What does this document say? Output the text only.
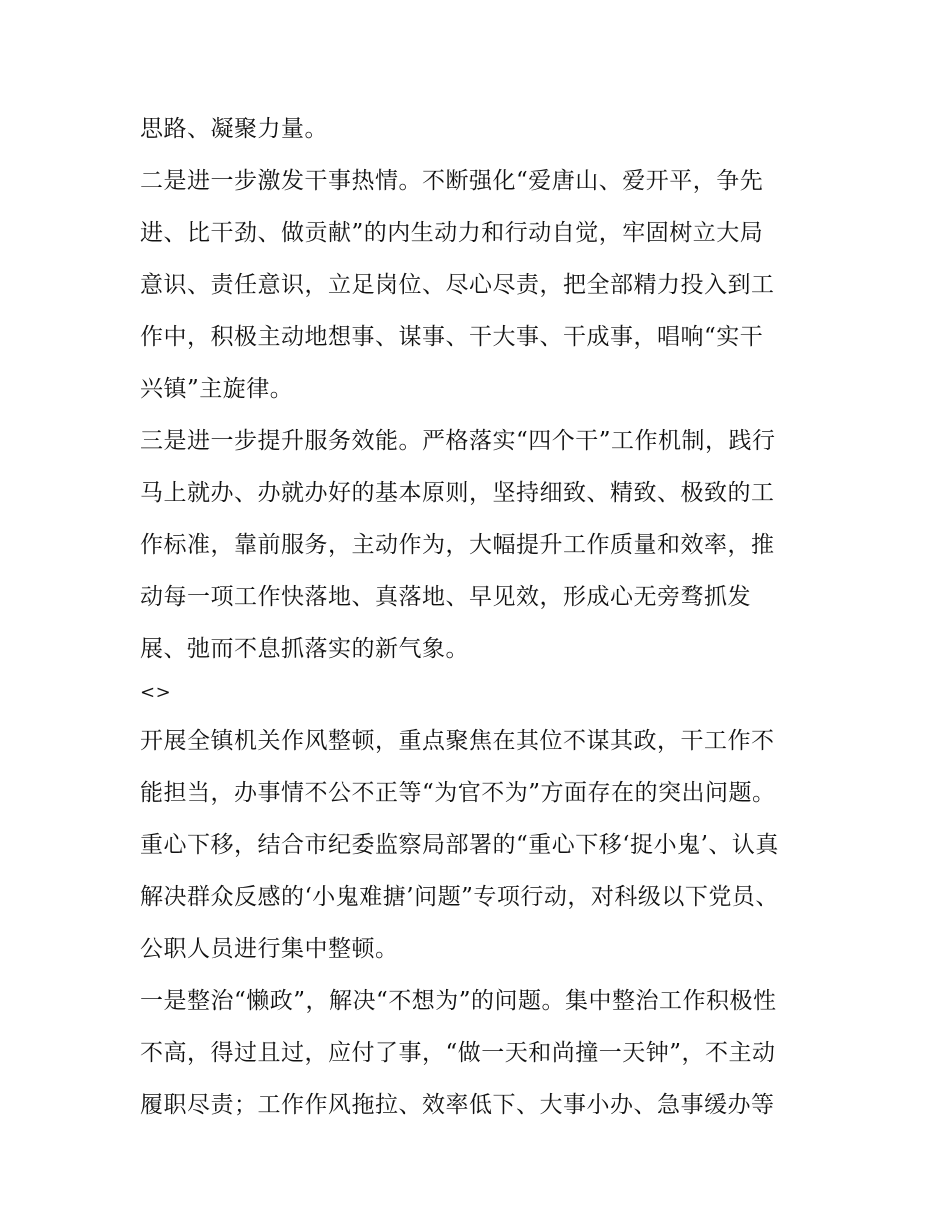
思路、凝聚力量。
二是进一步激发干事热情。不断强化“爱唐山、爱开平，争先
进、比干劲、做贡献”的内生动力和行动自觉，牢固树立大局
意识、责任意识，立足岗位、尽心尽责，把全部精力投入到工
作中，积极主动地想事、谋事、干大事、干成事，唱响“实干
兴镇”主旋律。
三是进一步提升服务效能。严格落实“四个干”工作机制，践行
马上就办、办就办好的基本原则，坚持细致、精致、极致的工
作标准，靠前服务，主动作为，大幅提升工作质量和效率，推
动每一项工作快落地、真落地、早见效，形成心无旁骛抓发
展、弛而不息抓落实的新气象。
<>
开展全镇机关作风整顿，重点聚焦在其位不谋其政，干工作不
能担当，办事情不公不正等“为官不为”方面存在的突出问题。
重心下移，结合市纪委监察局部署的“重心下移‘捉小鬼’、认真
解决群众反感的‘小鬼难搪’问题”专项行动，对科级以下党员、
公职人员进行集中整顿。
一是整治“懒政”，解决“不想为”的问题。集中整治工作积极性
不高，得过且过，应付了事，“做一天和尚撞一天钟”，不主动
履职尽责；工作作风拖拉、效率低下、大事小办、急事缓办等
